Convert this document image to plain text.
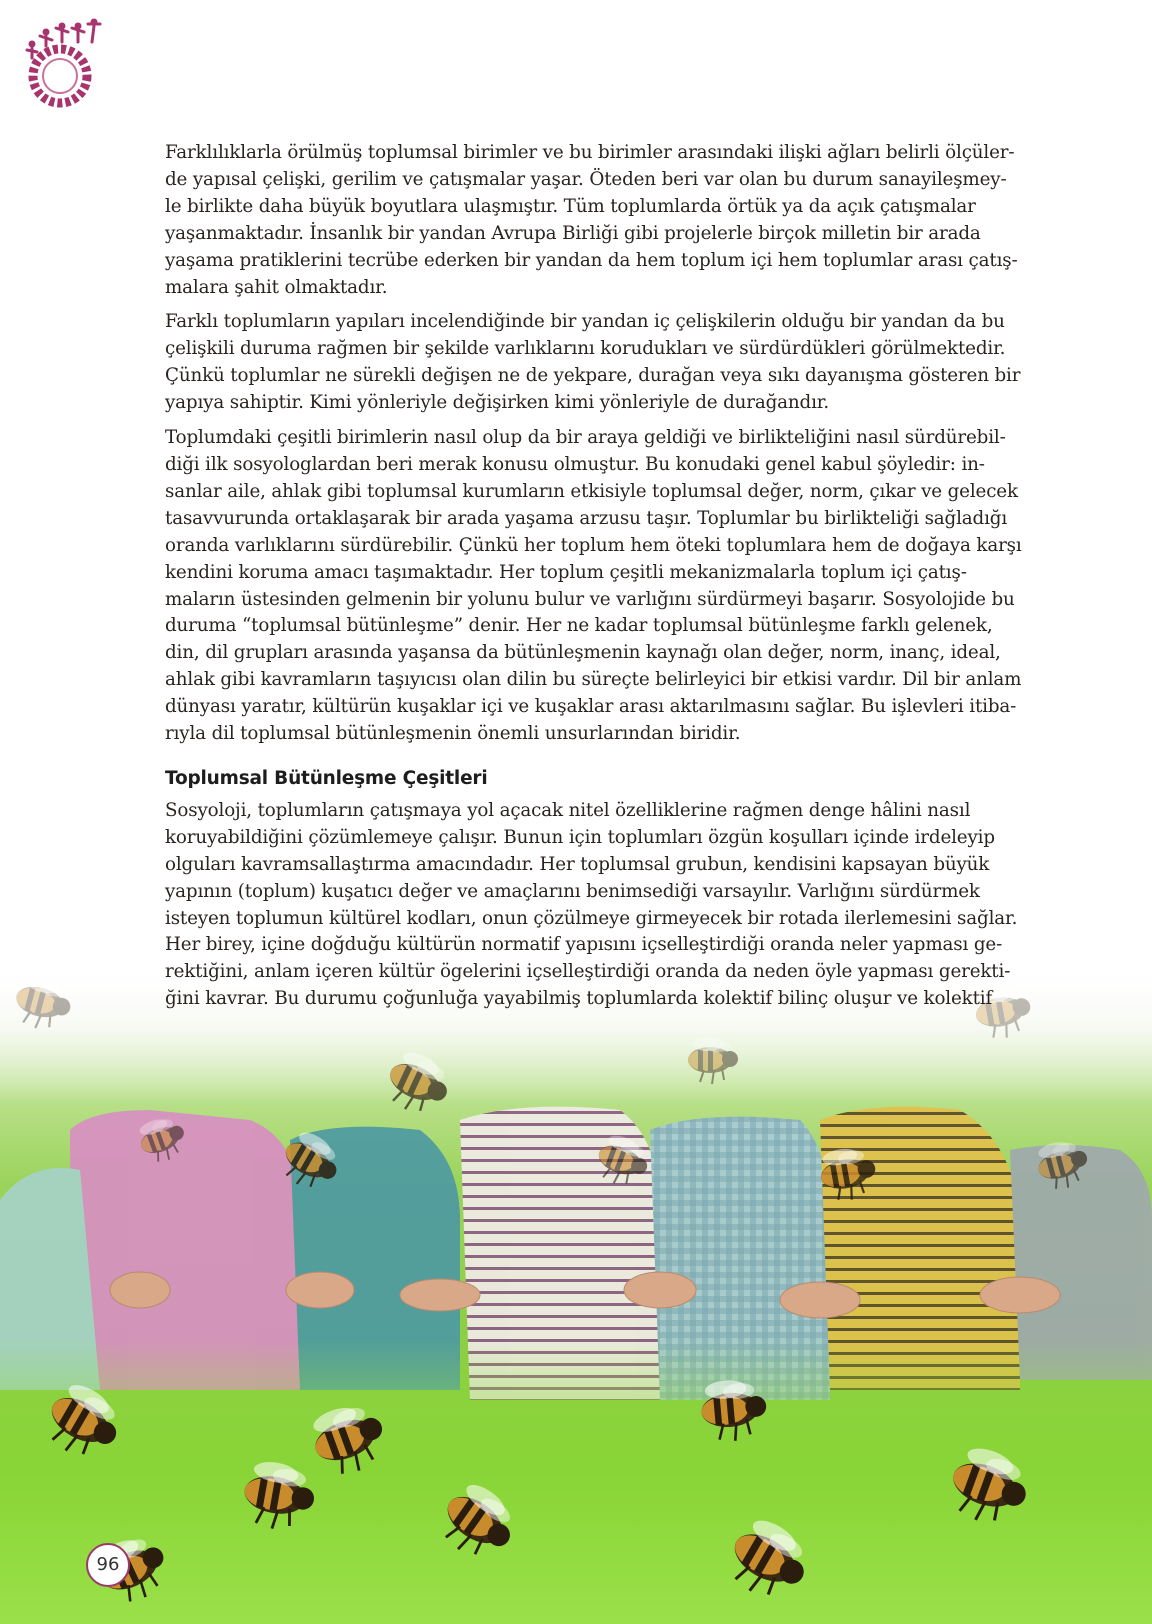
Farklılıklarla örülmüş toplumsal birimler ve bu birimler arasındaki ilişki ağları belirli ölçüler- de yapısal çelişki, gerilim ve çatışmalar yaşar. Öteden beri var olan bu durum sanayileşmey- le birlikte daha büyük boyutlara ulaşmıştır. Tüm toplumlarda örtük ya da açık çatışmalar yaşanmaktadır. İnsanlık bir yandan Avrupa Birliği gibi projelerle birçok milletin bir arada yaşama pratiklerini tecrübe ederken bir yandan da hem toplum içi hem toplumlar arası çatış- malara şahit olmaktadır.

Farklı toplumların yapıları incelendiğinde bir yandan iç çelişkilerin olduğu bir yandan da bu çelişkili duruma rağmen bir şekilde varlıklarını korudukları ve sürdürdükleri görülmektedir. Çünkü toplumlar ne sürekli değişen ne de yekpare, durağan veya sıkı dayanışma gösteren bir yapıya sahiptir. Kimi yönleriyle değişirken kimi yönleriyle de durağandır.

Toplumdaki çeşitli birimlerin nasıl olup da bir araya geldiği ve birlikteliğini nasıl sürdürebil- diği ilk sosyologlardan beri merak konusu olmuştur. Bu konudaki genel kabul şöyledir: in- sanlar aile, ahlak gibi toplumsal kurumların etkisiyle toplumsal değer, norm, çıkar ve gelecek tasavvurunda ortaklaşarak bir arada yaşama arzusu taşır. Toplumlar bu birlikteliği sağladığı oranda varlıklarını sürdürebilir. Çünkü her toplum hem öteki toplumlara hem de doğaya karşı kendini koruma amacı taşımaktadır. Her toplum çeşitli mekanizmalarla toplum içi çatış- maların üstesinden gelmenin bir yolunu bulur ve varlığını sürdürmeyi başarır. Sosyolojide bu duruma “toplumsal bütünleşme” denir. Her ne kadar toplumsal bütünleşme farklı gelenek, din, dil grupları arasında yaşansa da bütünleşmenin kaynağı olan değer, norm, inanç, ideal, ahlak gibi kavramların taşıyıcısı olan dilin bu süreçte belirleyici bir etkisi vardır. Dil bir anlam dünyası yaratır, kültürün kuşaklar içi ve kuşaklar arası aktarılmasını sağlar. Bu işlevleri itiba- rıyla dil toplumsal bütünleşmenin önemli unsurlarından biridir.

Toplumsal Bütünleşme Çeşitleri

Sosyoloji, toplumların çatışmaya yol açacak nitel özelliklerine rağmen denge hâlini nasıl koruyabildiğini çözümlemeye çalışır. Bunun için toplumları özgün koşulları içinde irdeleyip olguları kavramsallaştırma amacındadır. Her toplumsal grubun, kendisini kapsayan büyük yapının (toplum) kuşatıcı değer ve amaçlarını benimsediği varsayılır. Varlığını sürdürmek isteyen toplumun kültürel kodları, onun çözülmeye girmeyecek bir rotada ilerlemesini sağlar. Her birey, içine doğduğu kültürün normatif yapısını içselleştirdiği oranda neler yapması ge- rektiğini, anlam içeren kültür ögelerini içselleştirdiği oranda da neden öyle yapması gerekti- ğini kavrar. Bu durumu çoğunluğa yayabilmiş toplumlarda kolektif bilinç oluşur ve kolektif

96
